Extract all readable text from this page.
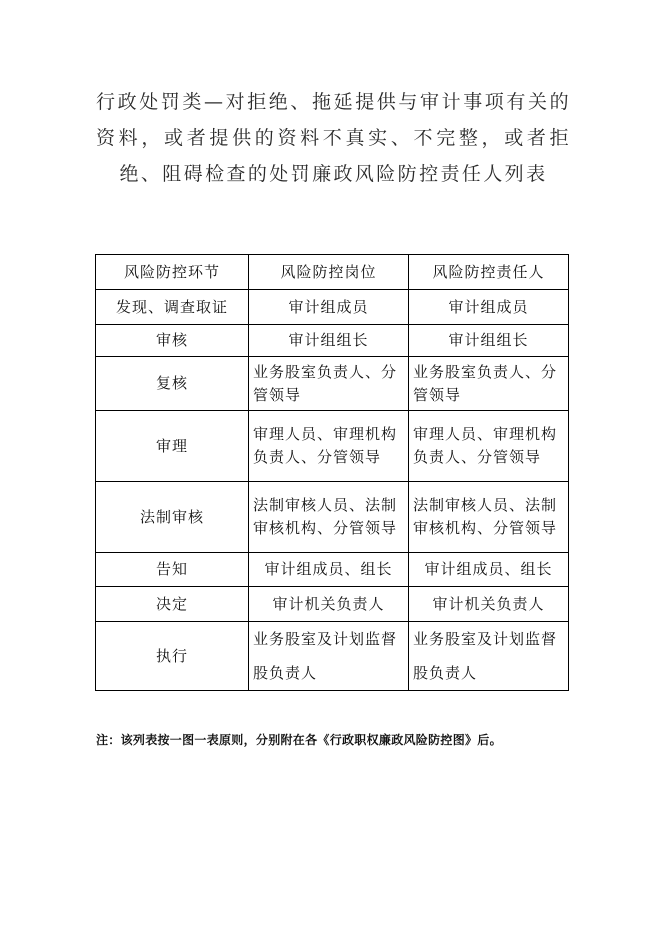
行政处罚类—对拒绝、拖延提供与审计事项有关的资料，或者提供的资料不真实、不完整，或者拒绝、阻碍检查的处罚廉政风险防控责任人列表
风险防控环节	风险防控岗位	风险防控责任人
发现、调查取证	审计组成员	审计组成员
审核	审计组组长	审计组组长
复核	业务股室负责人、分管领导	业务股室负责人、分管领导
审理	审理人员、审理机构负责人、分管领导	审理人员、审理机构负责人、分管领导
法制审核	法制审核人员、法制审核机构、分管领导	法制审核人员、法制审核机构、分管领导
告知	审计组成员、组长	审计组成员、组长
决定	审计机关负责人	审计机关负责人
执行	业务股室及计划监督股负责人	业务股室及计划监督股负责人

注：该列表按一图一表原则，分别附在各《行政职权廉政风险防控图》后。
